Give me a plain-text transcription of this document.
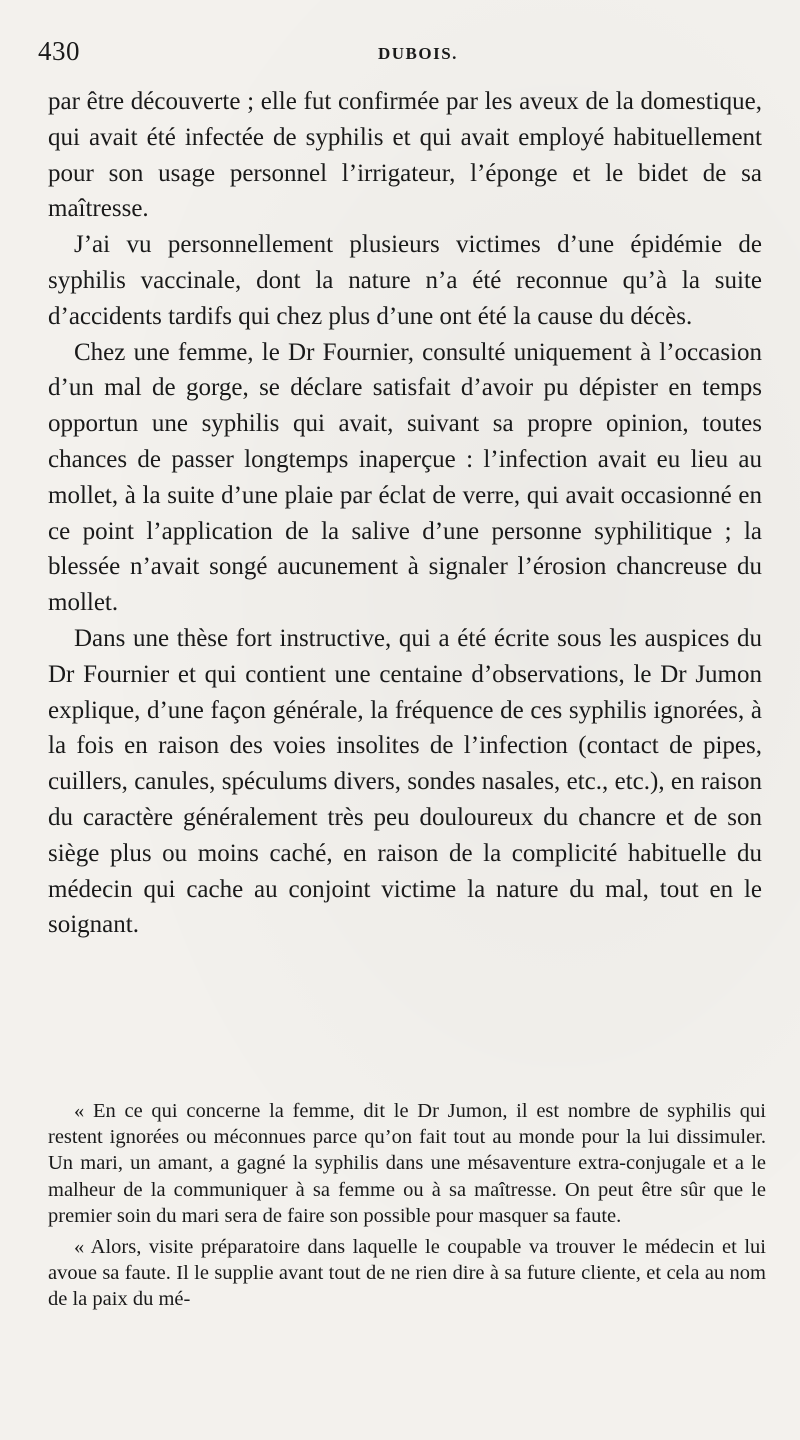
430	DUBOIS.

par être découverte ; elle fut confirmée par les aveux de la domestique, qui avait été infectée de syphilis et qui avait employé habituellement pour son usage personnel l’irrigateur, l’éponge et le bidet de sa maîtresse.

J’ai vu personnellement plusieurs victimes d’une épidémie de syphilis vaccinale, dont la nature n’a été reconnue qu’à la suite d’accidents tardifs qui chez plus d’une ont été la cause du décès.

Chez une femme, le Dr Fournier, consulté uniquement à l’occasion d’un mal de gorge, se déclare satisfait d’avoir pu dépister en temps opportun une syphilis qui avait, suivant sa propre opinion, toutes chances de passer longtemps inaperçue : l’infection avait eu lieu au mollet, à la suite d’une plaie par éclat de verre, qui avait occasionné en ce point l’application de la salive d’une personne syphilitique ; la blessée n’avait songé aucunement à signaler l’érosion chancreuse du mollet.

Dans une thèse fort instructive, qui a été écrite sous les auspices du Dr Fournier et qui contient une centaine d’observations, le Dr Jumon explique, d’une façon générale, la fréquence de ces syphilis ignorées, à la fois en raison des voies insolites de l’infection (contact de pipes, cuillers, canules, spéculums divers, sondes nasales, etc., etc.), en raison du caractère généralement très peu douloureux du chancre et de son siège plus ou moins caché, en raison de la complicité habituelle du médecin qui cache au conjoint victime la nature du mal, tout en le soignant.

« En ce qui concerne la femme, dit le Dr Jumon, il est nombre de syphilis qui restent ignorées ou méconnues parce qu’on fait tout au monde pour la lui dissimuler. Un mari, un amant, a gagné la syphilis dans une mésaventure extra-conjugale et a le malheur de la communiquer à sa femme ou à sa maîtresse. On peut être sûr que le premier soin du mari sera de faire son possible pour masquer sa faute.

« Alors, visite préparatoire dans laquelle le coupable va trouver le médecin et lui avoue sa faute. Il le supplie avant tout de ne rien dire à sa future cliente, et cela au nom de la paix du mé-
